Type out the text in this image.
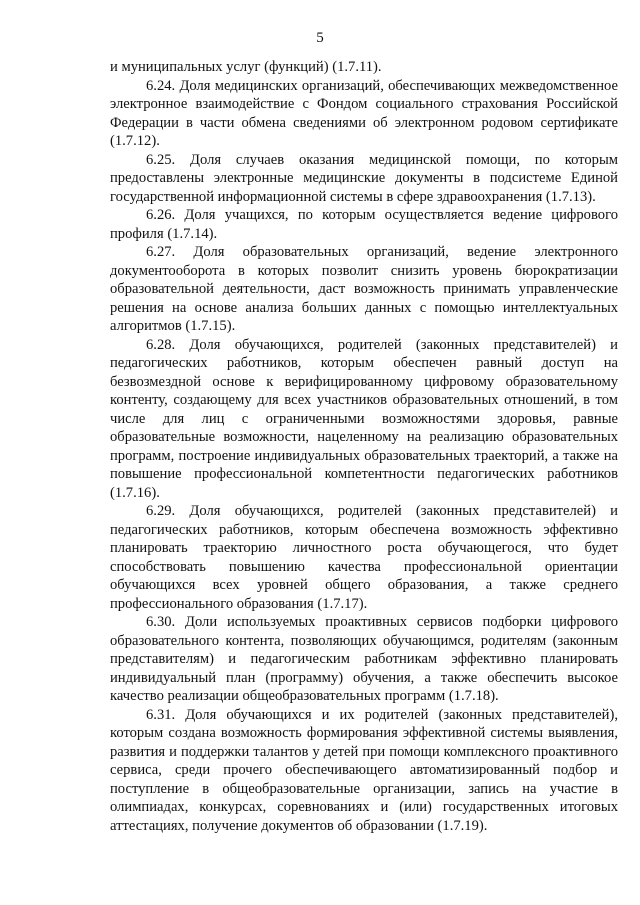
5

и муниципальных услуг (функций) (1.7.11).

6.24. Доля медицинских организаций, обеспечивающих межведомственное электронное взаимодействие с Фондом социального страхования Российской Федерации в части обмена сведениями об электронном родовом сертификате (1.7.12).

6.25. Доля случаев оказания медицинской помощи, по которым предоставлены электронные медицинские документы в подсистеме Единой государственной информационной системы в сфере здравоохранения (1.7.13).

6.26. Доля учащихся, по которым осуществляется ведение цифрового профиля (1.7.14).

6.27. Доля образовательных организаций, ведение электронного документооборота в которых позволит снизить уровень бюрократизации образовательной деятельности, даст возможность принимать управленческие решения на основе анализа больших данных с помощью интеллектуальных алгоритмов (1.7.15).

6.28. Доля обучающихся, родителей (законных представителей) и педагогических работников, которым обеспечен равный доступ на безвозмездной основе к верифицированному цифровому образовательному контенту, создающему для всех участников образовательных отношений, в том числе для лиц с ограниченными возможностями здоровья, равные образовательные возможности, нацеленному на реализацию образовательных программ, построение индивидуальных образовательных траекторий, а также на повышение профессиональной компетентности педагогических работников (1.7.16).

6.29. Доля обучающихся, родителей (законных представителей) и педагогических работников, которым обеспечена возможность эффективно планировать траекторию личностного роста обучающегося, что будет способствовать повышению качества профессиональной ориентации обучающихся всех уровней общего образования, а также среднего профессионального образования (1.7.17).

6.30. Доли используемых проактивных сервисов подборки цифрового образовательного контента, позволяющих обучающимся, родителям (законным представителям) и педагогическим работникам эффективно планировать индивидуальный план (программу) обучения, а также обеспечить высокое качество реализации общеобразовательных программ (1.7.18).

6.31. Доля обучающихся и их родителей (законных представителей), которым создана возможность формирования эффективной системы выявления, развития и поддержки талантов у детей при помощи комплексного проактивного сервиса, среди прочего обеспечивающего автоматизированный подбор и поступление в общеобразовательные организации, запись на участие в олимпиадах, конкурсах, соревнованиях и (или) государственных итоговых аттестациях, получение документов об образовании (1.7.19).
